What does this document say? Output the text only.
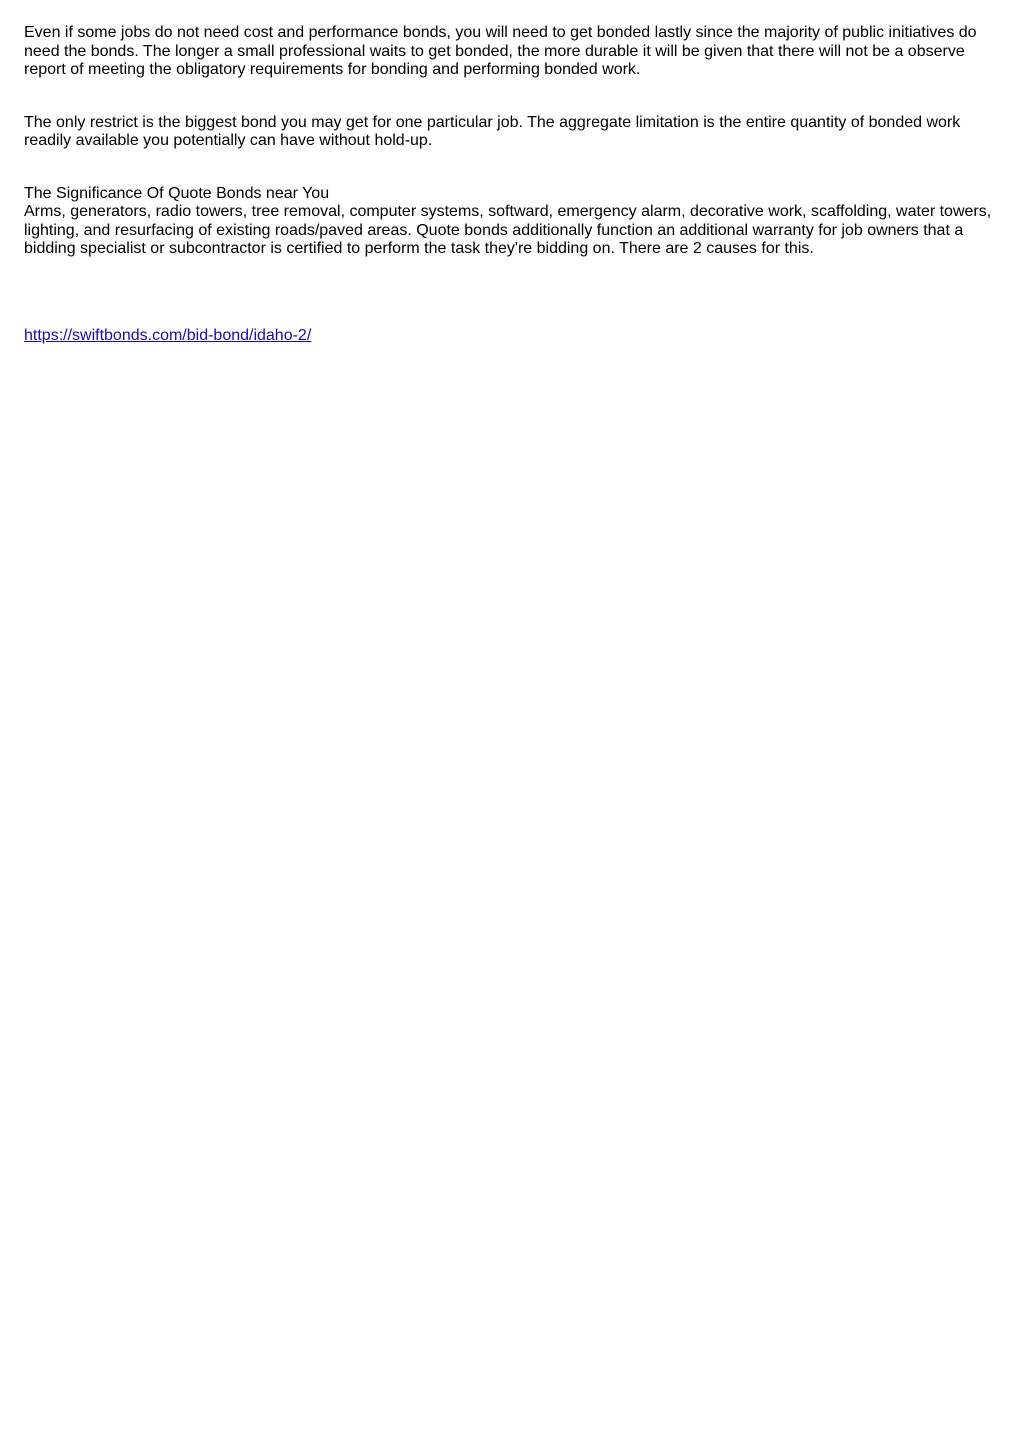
Even if some jobs do not need cost and performance bonds, you will need to get bonded lastly since the majority of public initiatives do need the bonds. The longer a small professional waits to get bonded, the more durable it will be given that there will not be a observe report of meeting the obligatory requirements for bonding and performing bonded work.

The only restrict is the biggest bond you may get for one particular job. The aggregate limitation is the entire quantity of bonded work readily available you potentially can have without hold-up.

The Significance Of Quote Bonds near You

Arms, generators, radio towers, tree removal, computer systems, softward, emergency alarm, decorative work, scaffolding, water towers, lighting, and resurfacing of existing roads/paved areas. Quote bonds additionally function an additional warranty for job owners that a bidding specialist or subcontractor is certified to perform the task they're bidding on. There are 2 causes for this.

https://swiftbonds.com/bid-bond/idaho-2/
